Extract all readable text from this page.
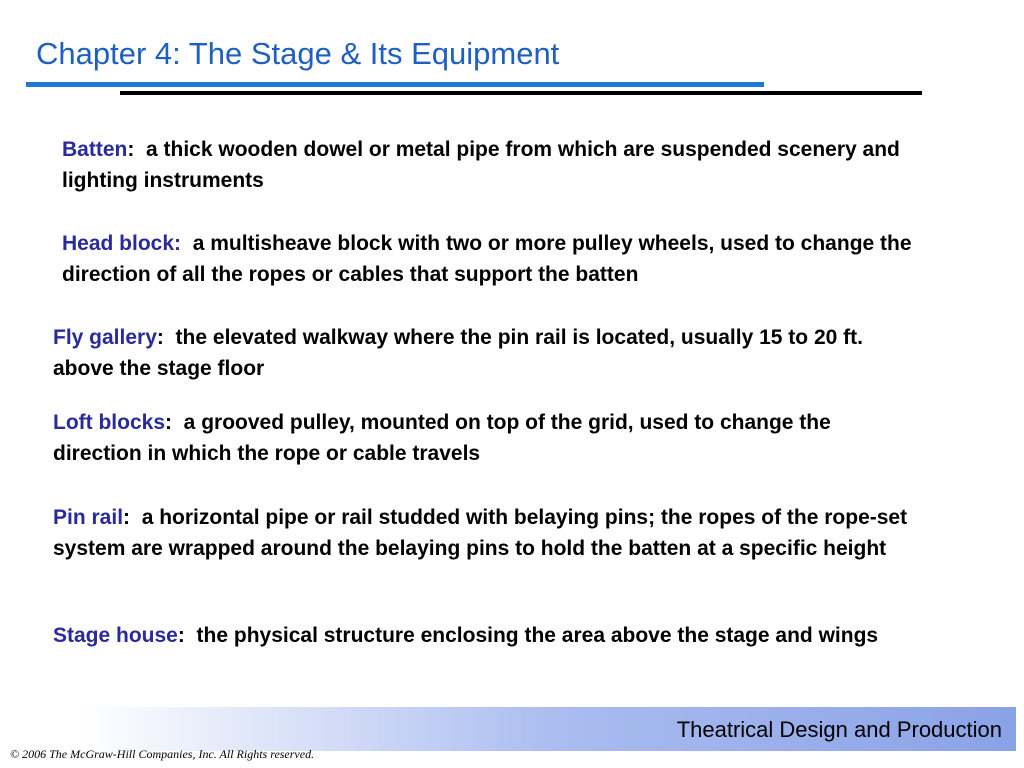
Chapter 4: The Stage & Its Equipment

Batten:  a thick wooden dowel or metal pipe from which are suspended scenery and lighting instruments

Head block:  a multisheave block with two or more pulley wheels, used to change the direction of all the ropes or cables that support the batten

Fly gallery:  the elevated walkway where the pin rail is located, usually 15 to 20 ft. above the stage floor

Loft blocks:  a grooved pulley, mounted on top of the grid, used to change the direction in which the rope or cable travels

Pin rail:  a horizontal pipe or rail studded with belaying pins; the ropes of the rope-set system are wrapped around the belaying pins to hold the batten at a specific height

Stage house:  the physical structure enclosing the area above the stage and wings

Theatrical Design and Production
© 2006 The McGraw-Hill Companies, Inc. All Rights reserved.
